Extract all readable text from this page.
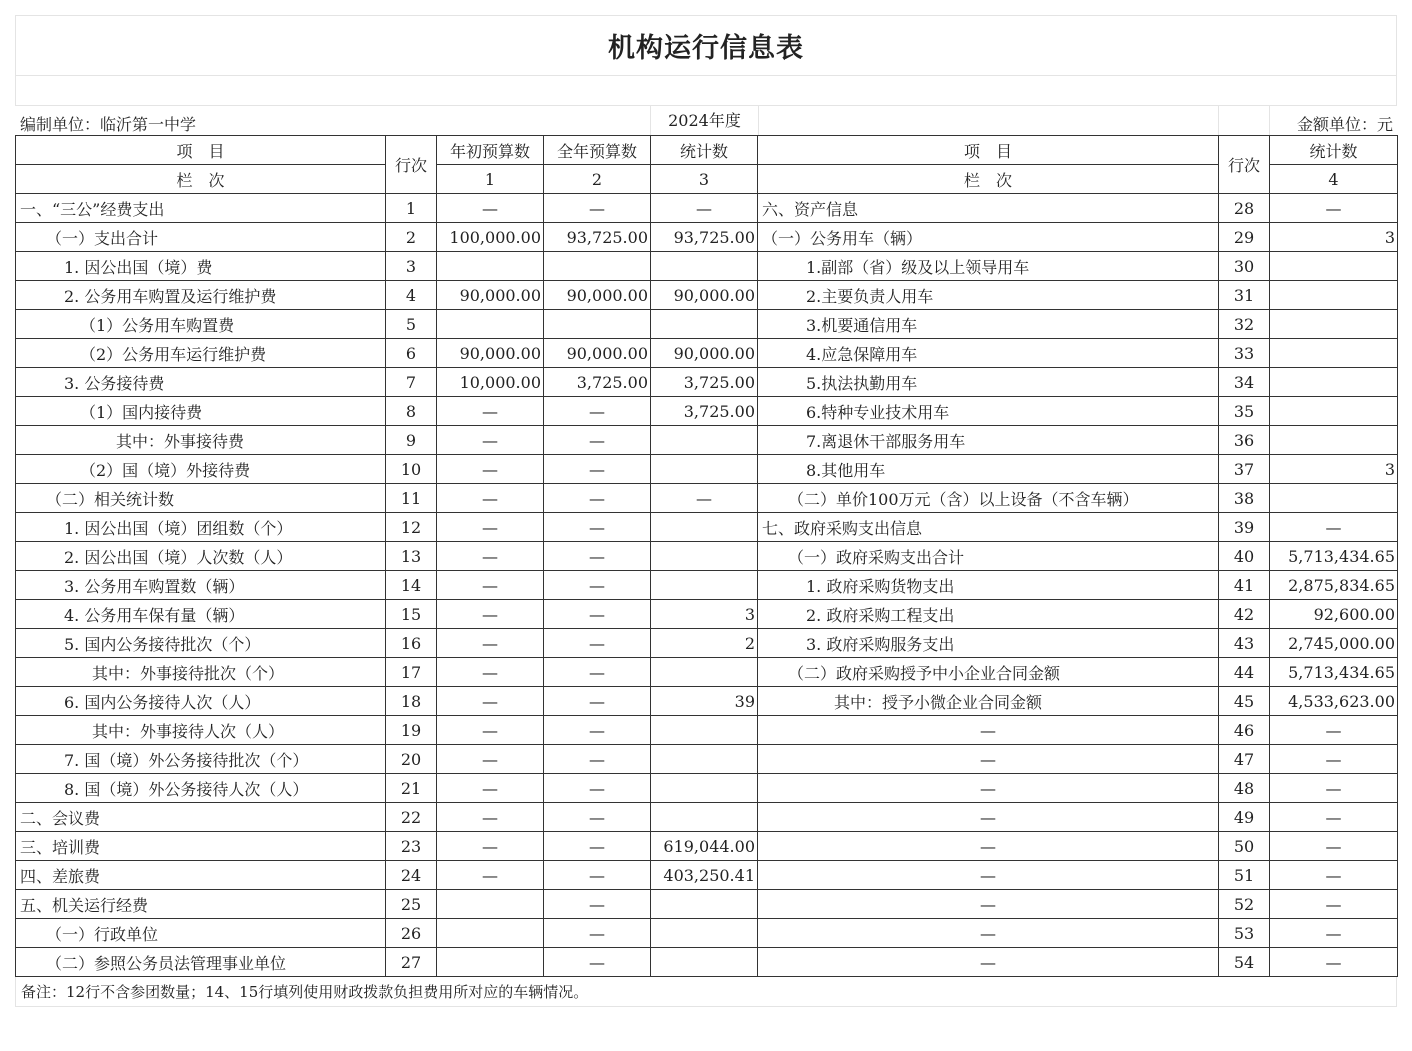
机构运行信息表
编制单位：临沂第一中学	2024年度	金额单位：元
项　目	行次	年初预算数	全年预算数	统计数	项　目	行次	统计数
栏　次		1	2	3	栏　次		4
一、“三公”经费支出	1	—	—	—	六、资产信息	28	—
（一）支出合计	2	100,000.00	93,725.00	93,725.00	（一）公务用车（辆）	29	3
1. 因公出国（境）费	3				1.副部（省）级及以上领导用车	30	
2. 公务用车购置及运行维护费	4	90,000.00	90,000.00	90,000.00	2.主要负责人用车	31	
（1）公务用车购置费	5				3.机要通信用车	32	
（2）公务用车运行维护费	6	90,000.00	90,000.00	90,000.00	4.应急保障用车	33	
3. 公务接待费	7	10,000.00	3,725.00	3,725.00	5.执法执勤用车	34	
（1）国内接待费	8	—	—	3,725.00	6.特种专业技术用车	35	
其中：外事接待费	9	—	—		7.离退休干部服务用车	36	
（2）国（境）外接待费	10	—	—		8.其他用车	37	3
（二）相关统计数	11	—	—	—	（二）单价100万元（含）以上设备（不含车辆）	38	
1. 因公出国（境）团组数（个）	12	—	—		七、政府采购支出信息	39	—
2. 因公出国（境）人次数（人）	13	—	—		（一）政府采购支出合计	40	5,713,434.65
3. 公务用车购置数（辆）	14	—	—		1. 政府采购货物支出	41	2,875,834.65
4. 公务用车保有量（辆）	15	—	—	3	2. 政府采购工程支出	42	92,600.00
5. 国内公务接待批次（个）	16	—	—	2	3. 政府采购服务支出	43	2,745,000.00
其中：外事接待批次（个）	17	—	—		（二）政府采购授予中小企业合同金额	44	5,713,434.65
6. 国内公务接待人次（人）	18	—	—	39	其中：授予小微企业合同金额	45	4,533,623.00
其中：外事接待人次（人）	19	—	—		—	46	—
7. 国（境）外公务接待批次（个）	20	—	—		—	47	—
8. 国（境）外公务接待人次（人）	21	—	—		—	48	—
二、会议费	22	—	—		—	49	—
三、培训费	23	—	—	619,044.00	—	50	—
四、差旅费	24	—	—	403,250.41	—	51	—
五、机关运行经费	25		—		—	52	—
（一）行政单位	26		—		—	53	—
（二）参照公务员法管理事业单位	27		—		—	54	—
备注：12行不含参团数量；14、15行填列使用财政拨款负担费用所对应的车辆情况。
